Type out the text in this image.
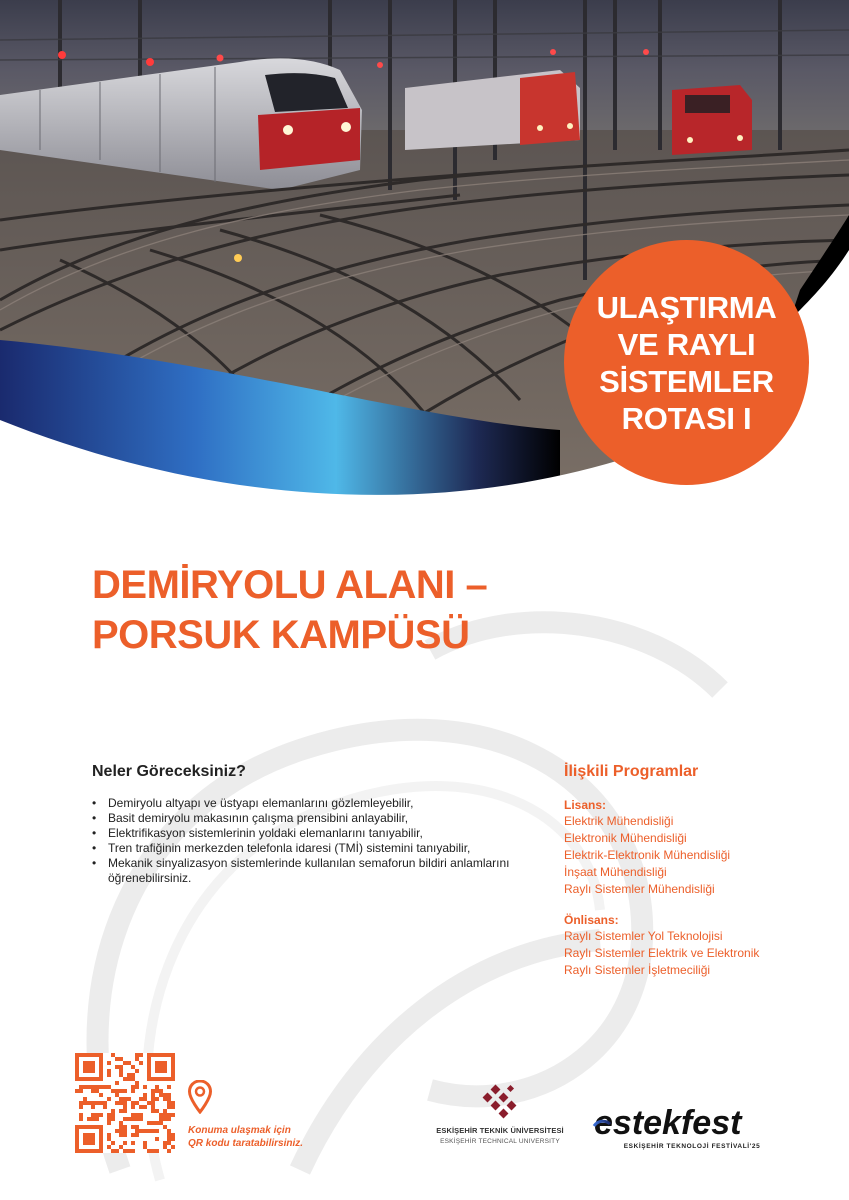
ULAŞTIRMA
VE RAYLI
SİSTEMLER
ROTASI I
DEMİRYOLU ALANI –
PORSUK KAMPÜSÜ
Neler Göreceksiniz?
• Demiryolu altyapı ve üstyapı elemanlarını gözlemleyebilir,
• Basit demiryolu makasının çalışma prensibini anlayabilir,
• Elektrifikasyon sistemlerinin yoldaki elemanlarını tanıyabilir,
• Tren trafiğinin merkezden telefonla idaresi (TMİ) sistemini tanıyabilir,
• Mekanik sinyalizasyon sistemlerinde kullanılan semaforun bildiri anlamlarını öğrenebilirsiniz.
İlişkili Programlar
Lisans:
Elektrik Mühendisliği
Elektronik Mühendisliği
Elektrik-Elektronik Mühendisliği
İnşaat Mühendisliği
Raylı Sistemler Mühendisliği
Önlisans:
Raylı Sistemler Yol Teknolojisi
Raylı Sistemler Elektrik ve Elektronik
Raylı Sistemler İşletmeciliği
Konuma ulaşmak için
QR kodu taratabilirsiniz.
ESKİŞEHİR TEKNİK ÜNİVERSİTESİ
ESKİŞEHİR TECHNICAL UNIVERSITY	estekfest
ESKİŞEHİR TEKNOLOJİ FESTİVALİ'25
